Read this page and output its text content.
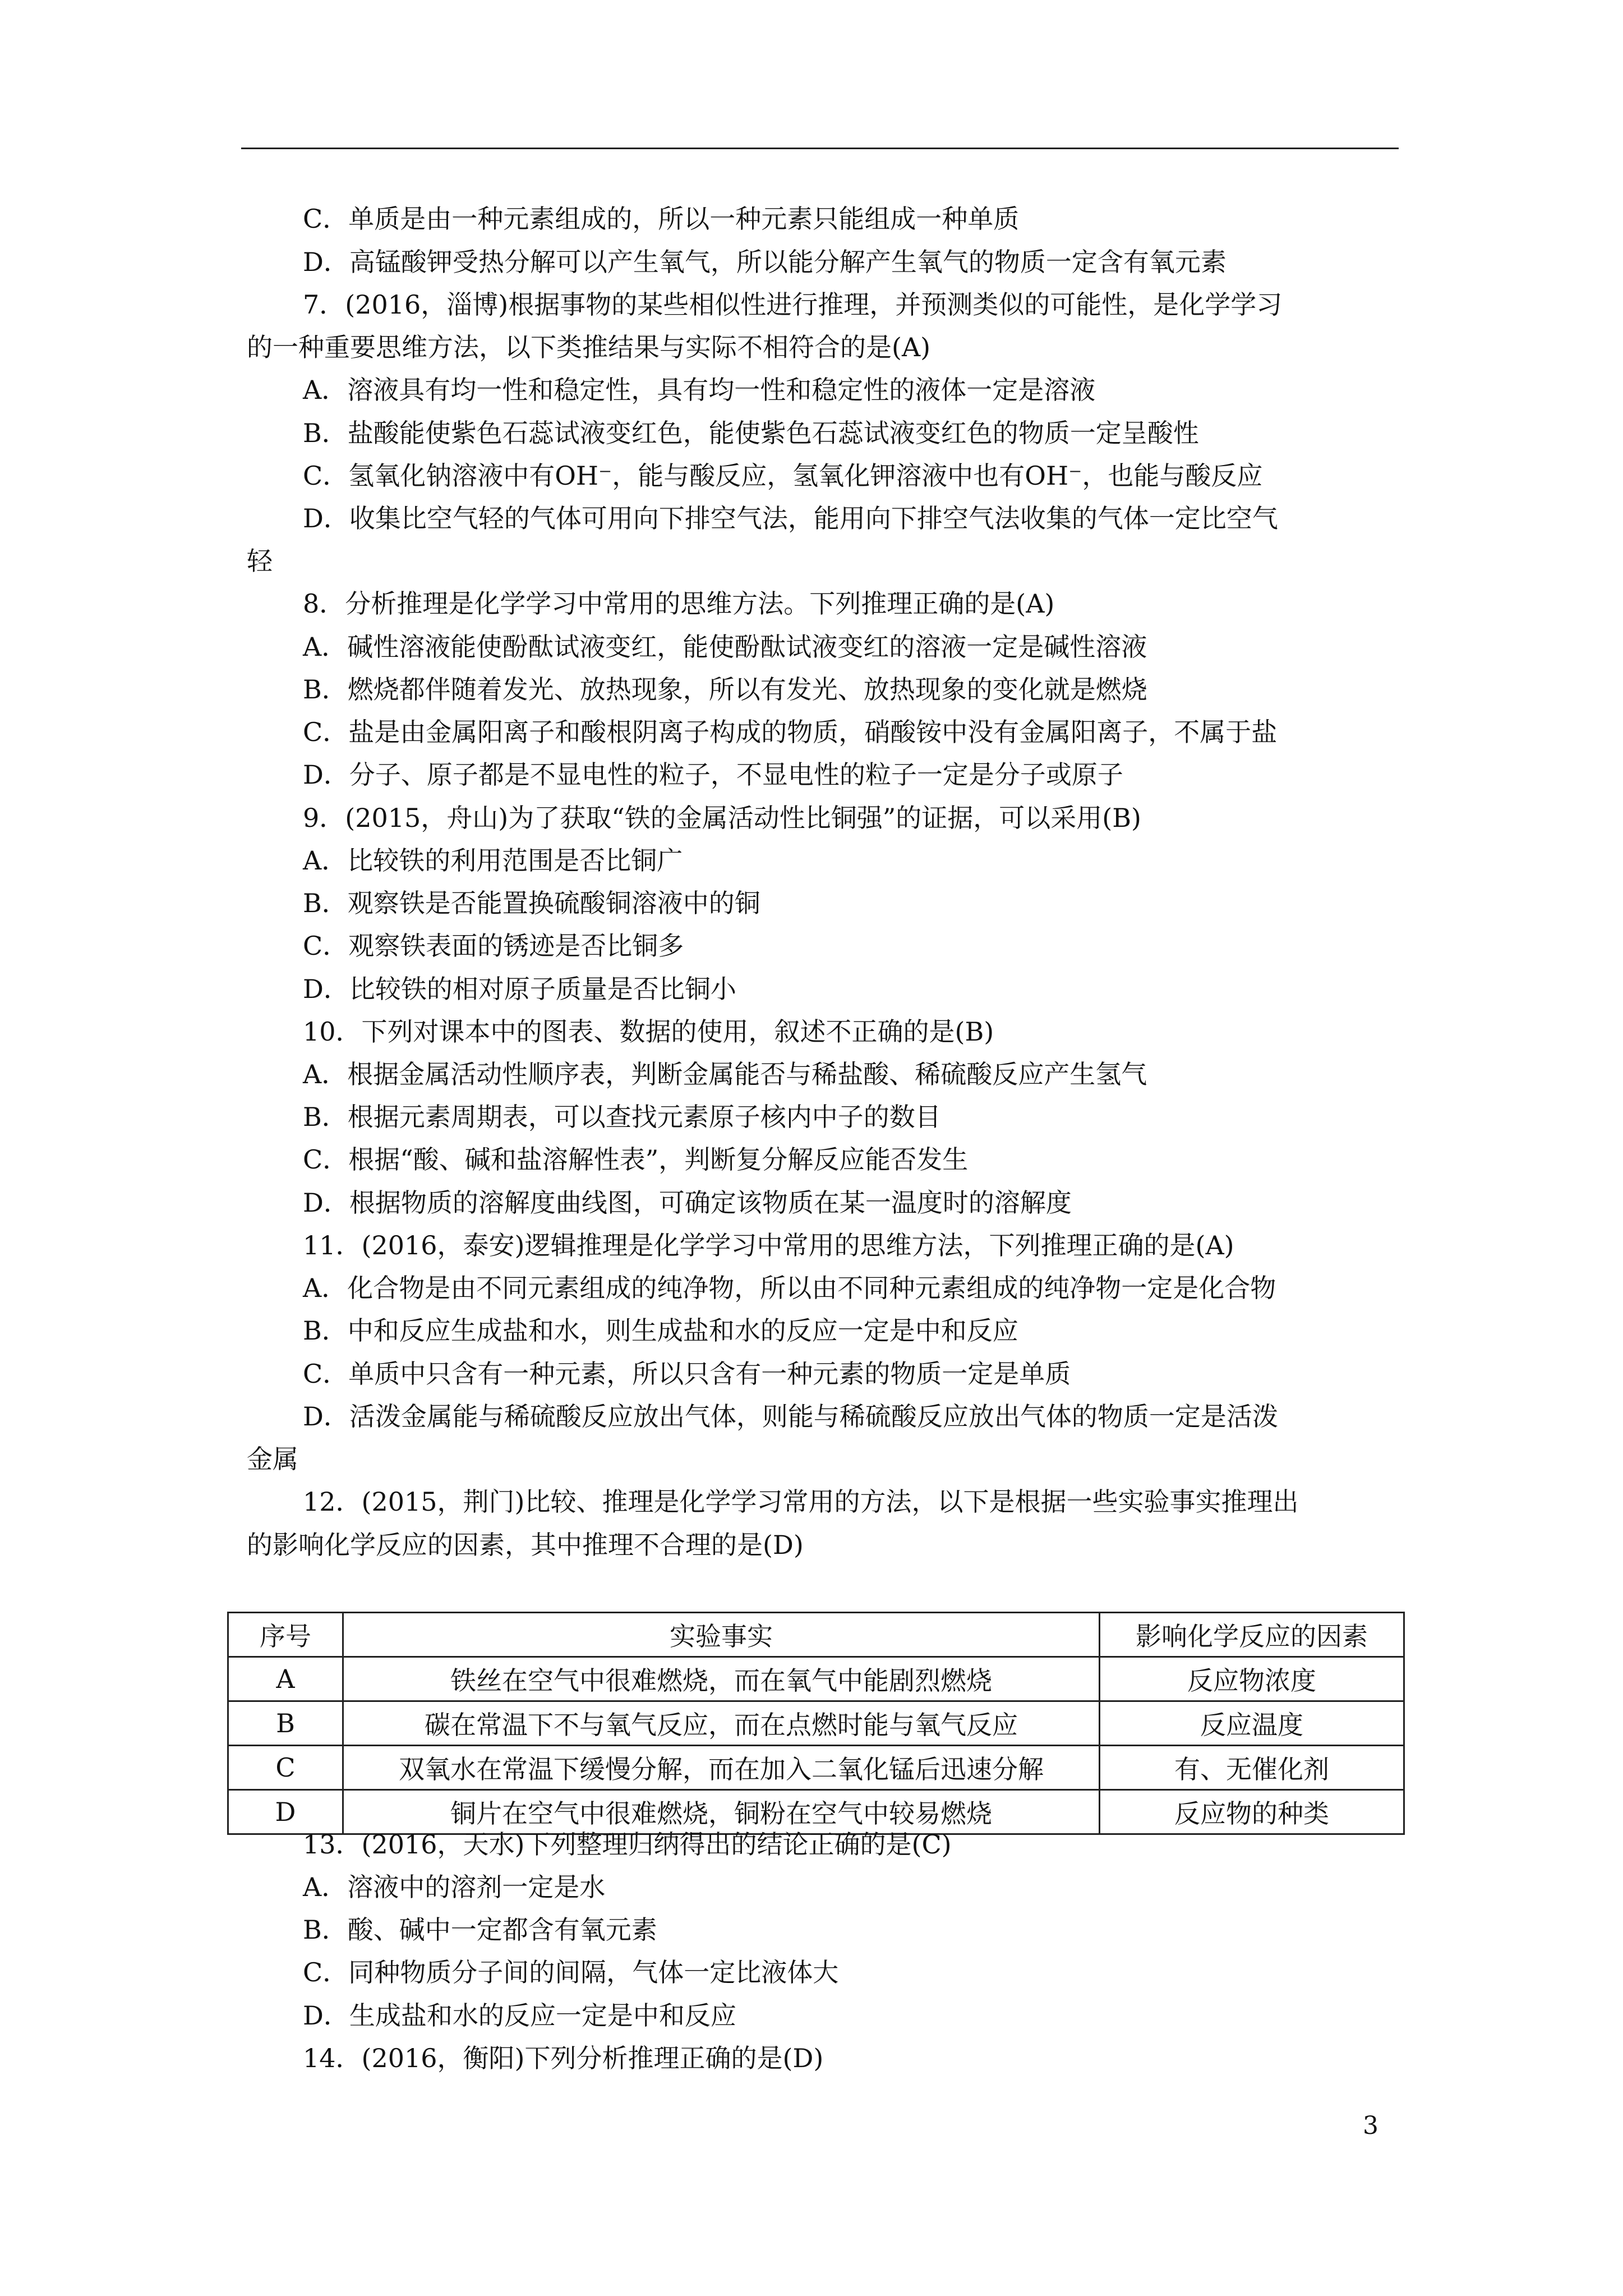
C．单质是由一种元素组成的，所以一种元素只能组成一种单质
D．高锰酸钾受热分解可以产生氧气，所以能分解产生氧气的物质一定含有氧元素
7．(2016，淄博)根据事物的某些相似性进行推理，并预测类似的可能性，是化学学习
的一种重要思维方法，以下类推结果与实际不相符合的是(A)
A．溶液具有均一性和稳定性，具有均一性和稳定性的液体一定是溶液
B．盐酸能使紫色石蕊试液变红色，能使紫色石蕊试液变红色的物质一定呈酸性
C．氢氧化钠溶液中有OH⁻，能与酸反应，氢氧化钾溶液中也有OH⁻，也能与酸反应
D．收集比空气轻的气体可用向下排空气法，能用向下排空气法收集的气体一定比空气
轻
8．分析推理是化学学习中常用的思维方法。下列推理正确的是(A)
A．碱性溶液能使酚酞试液变红，能使酚酞试液变红的溶液一定是碱性溶液
B．燃烧都伴随着发光、放热现象，所以有发光、放热现象的变化就是燃烧
C．盐是由金属阳离子和酸根阴离子构成的物质，硝酸铵中没有金属阳离子，不属于盐
D．分子、原子都是不显电性的粒子，不显电性的粒子一定是分子或原子
9．(2015，舟山)为了获取“铁的金属活动性比铜强”的证据，可以采用(B)
A．比较铁的利用范围是否比铜广
B．观察铁是否能置换硫酸铜溶液中的铜
C．观察铁表面的锈迹是否比铜多
D．比较铁的相对原子质量是否比铜小
10．下列对课本中的图表、数据的使用，叙述不正确的是(B)
A．根据金属活动性顺序表，判断金属能否与稀盐酸、稀硫酸反应产生氢气
B．根据元素周期表，可以查找元素原子核内中子的数目
C．根据“酸、碱和盐溶解性表”，判断复分解反应能否发生
D．根据物质的溶解度曲线图，可确定该物质在某一温度时的溶解度
11．(2016，泰安)逻辑推理是化学学习中常用的思维方法，下列推理正确的是(A)
A．化合物是由不同元素组成的纯净物，所以由不同种元素组成的纯净物一定是化合物
B．中和反应生成盐和水，则生成盐和水的反应一定是中和反应
C．单质中只含有一种元素，所以只含有一种元素的物质一定是单质
D．活泼金属能与稀硫酸反应放出气体，则能与稀硫酸反应放出气体的物质一定是活泼
金属
12．(2015，荆门)比较、推理是化学学习常用的方法，以下是根据一些实验事实推理出
的影响化学反应的因素，其中推理不合理的是(D)
序号	实验事实	影响化学反应的因素
A	铁丝在空气中很难燃烧，而在氧气中能剧烈燃烧	反应物浓度
B	碳在常温下不与氧气反应，而在点燃时能与氧气反应	反应温度
C	双氧水在常温下缓慢分解，而在加入二氧化锰后迅速分解	有、无催化剂
D	铜片在空气中很难燃烧，铜粉在空气中较易燃烧	反应物的种类
13．(2016，天水)下列整理归纳得出的结论正确的是(C)
A．溶液中的溶剂一定是水
B．酸、碱中一定都含有氧元素
C．同种物质分子间的间隔，气体一定比液体大
D．生成盐和水的反应一定是中和反应
14．(2016，衡阳)下列分析推理正确的是(D)
3
